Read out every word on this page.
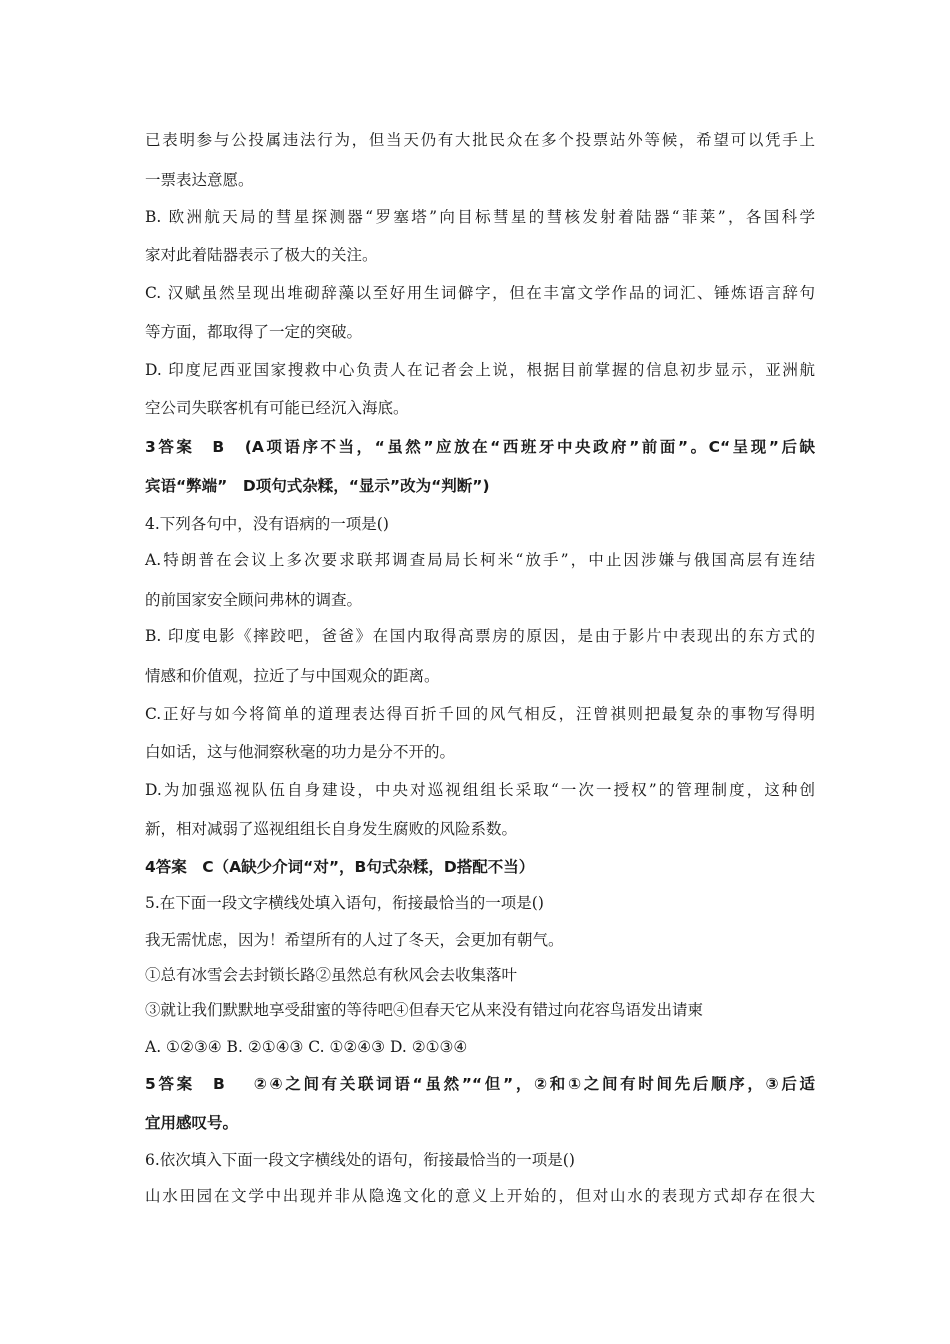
已表明参与公投属违法行为，但当天仍有大批民众在多个投票站外等候，希望可以凭手上
一票表达意愿。
B. 欧洲航天局的彗星探测器“罗塞塔”向目标彗星的彗核发射着陆器“菲莱”，各国科学
家对此着陆器表示了极大的关注。
C. 汉赋虽然呈现出堆砌辞藻以至好用生词僻字，但在丰富文学作品的词汇、锤炼语言辞句
等方面，都取得了一定的突破。
D. 印度尼西亚国家搜救中心负责人在记者会上说，根据目前掌握的信息初步显示，亚洲航
空公司失联客机有可能已经沉入海底。
3答案　B　(A项语序不当，“虽然”应放在“西班牙中央政府”前面”。C“呈现”后缺
宾语“弊端”　D项句式杂糅，“显示”改为“判断”)
4.下列各句中，没有语病的一项是()
A.特朗普在会议上多次要求联邦调查局局长柯米“放手”，中止因涉嫌与俄国高层有连结
的前国家安全顾问弗林的调查。
B. 印度电影《摔跤吧，爸爸》在国内取得高票房的原因，是由于影片中表现出的东方式的
情感和价值观，拉近了与中国观众的距离。
C.正好与如今将简单的道理表达得百折千回的风气相反，汪曾祺则把最复杂的事物写得明
白如话，这与他洞察秋毫的功力是分不开的。
D.为加强巡视队伍自身建设，中央对巡视组组长采取“一次一授权”的管理制度，这种创
新，相对减弱了巡视组组长自身发生腐败的风险系数。
4答案　C（A缺少介词“对”，B句式杂糅，D搭配不当）
5.在下面一段文字横线处填入语句，衔接最恰当的一项是()
我无需忧虑，因为！希望所有的人过了冬天，会更加有朝气。
①总有冰雪会去封锁长路②虽然总有秋风会去收集落叶
③就让我们默默地享受甜蜜的等待吧④但春天它从来没有错过向花容鸟语发出请柬
A. ①②③④ B. ②①④③ C. ①②④③ D. ②①③④
5答案　B　 ②④之间有关联词语“虽然”“但”，②和①之间有时间先后顺序，③后适
宜用感叹号。
6.依次填入下面一段文字横线处的语句，衔接最恰当的一项是()
山水田园在文学中出现并非从隐逸文化的意义上开始的，但对山水的表现方式却存在很大
